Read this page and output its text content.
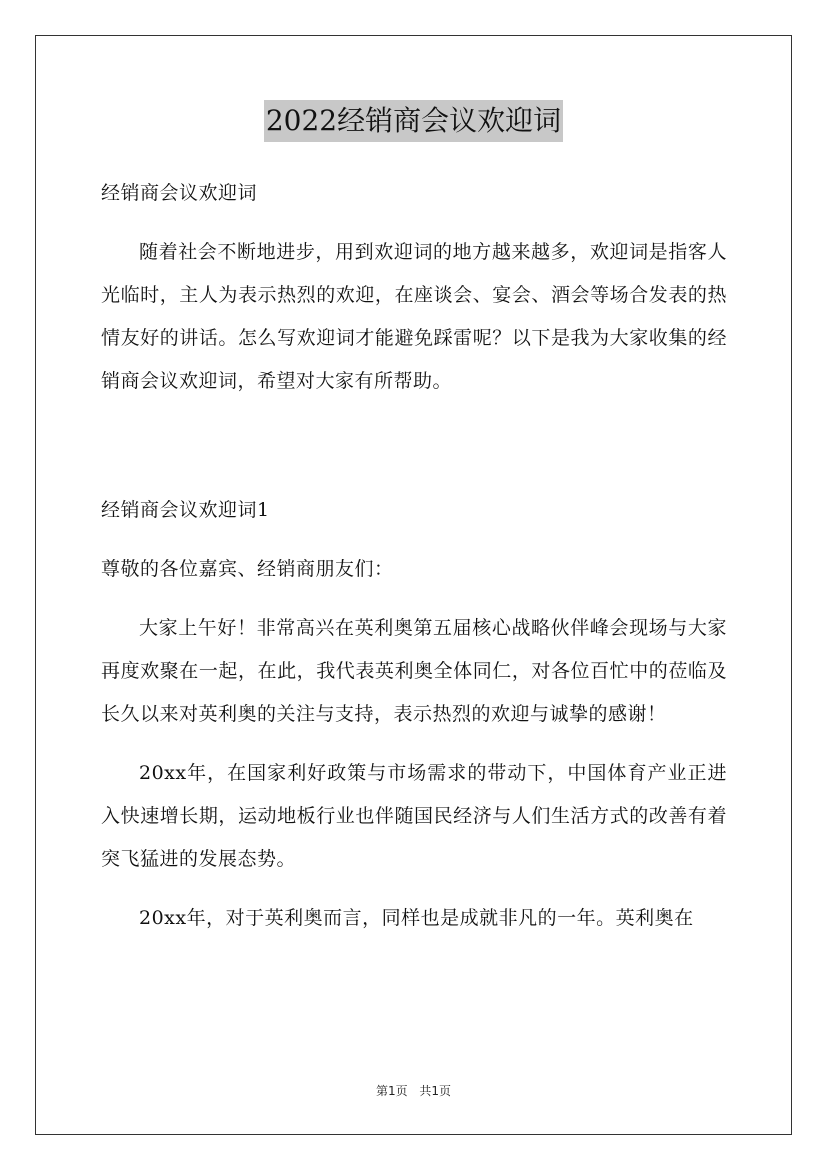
2022经销商会议欢迎词

经销商会议欢迎词

随着社会不断地进步，用到欢迎词的地方越来越多，欢迎词是指客人光临时，主人为表示热烈的欢迎，在座谈会、宴会、酒会等场合发表的热情友好的讲话。怎么写欢迎词才能避免踩雷呢？以下是我为大家收集的经销商会议欢迎词，希望对大家有所帮助。

经销商会议欢迎词1

尊敬的各位嘉宾、经销商朋友们：

大家上午好！非常高兴在英利奥第五届核心战略伙伴峰会现场与大家再度欢聚在一起，在此，我代表英利奥全体同仁，对各位百忙中的莅临及长久以来对英利奥的关注与支持，表示热烈的欢迎与诚挚的感谢！

20xx年，在国家利好政策与市场需求的带动下，中国体育产业正进入快速增长期，运动地板行业也伴随国民经济与人们生活方式的改善有着突飞猛进的发展态势。

20xx年，对于英利奥而言，同样也是成就非凡的一年。英利奥在

第1页 共1页
